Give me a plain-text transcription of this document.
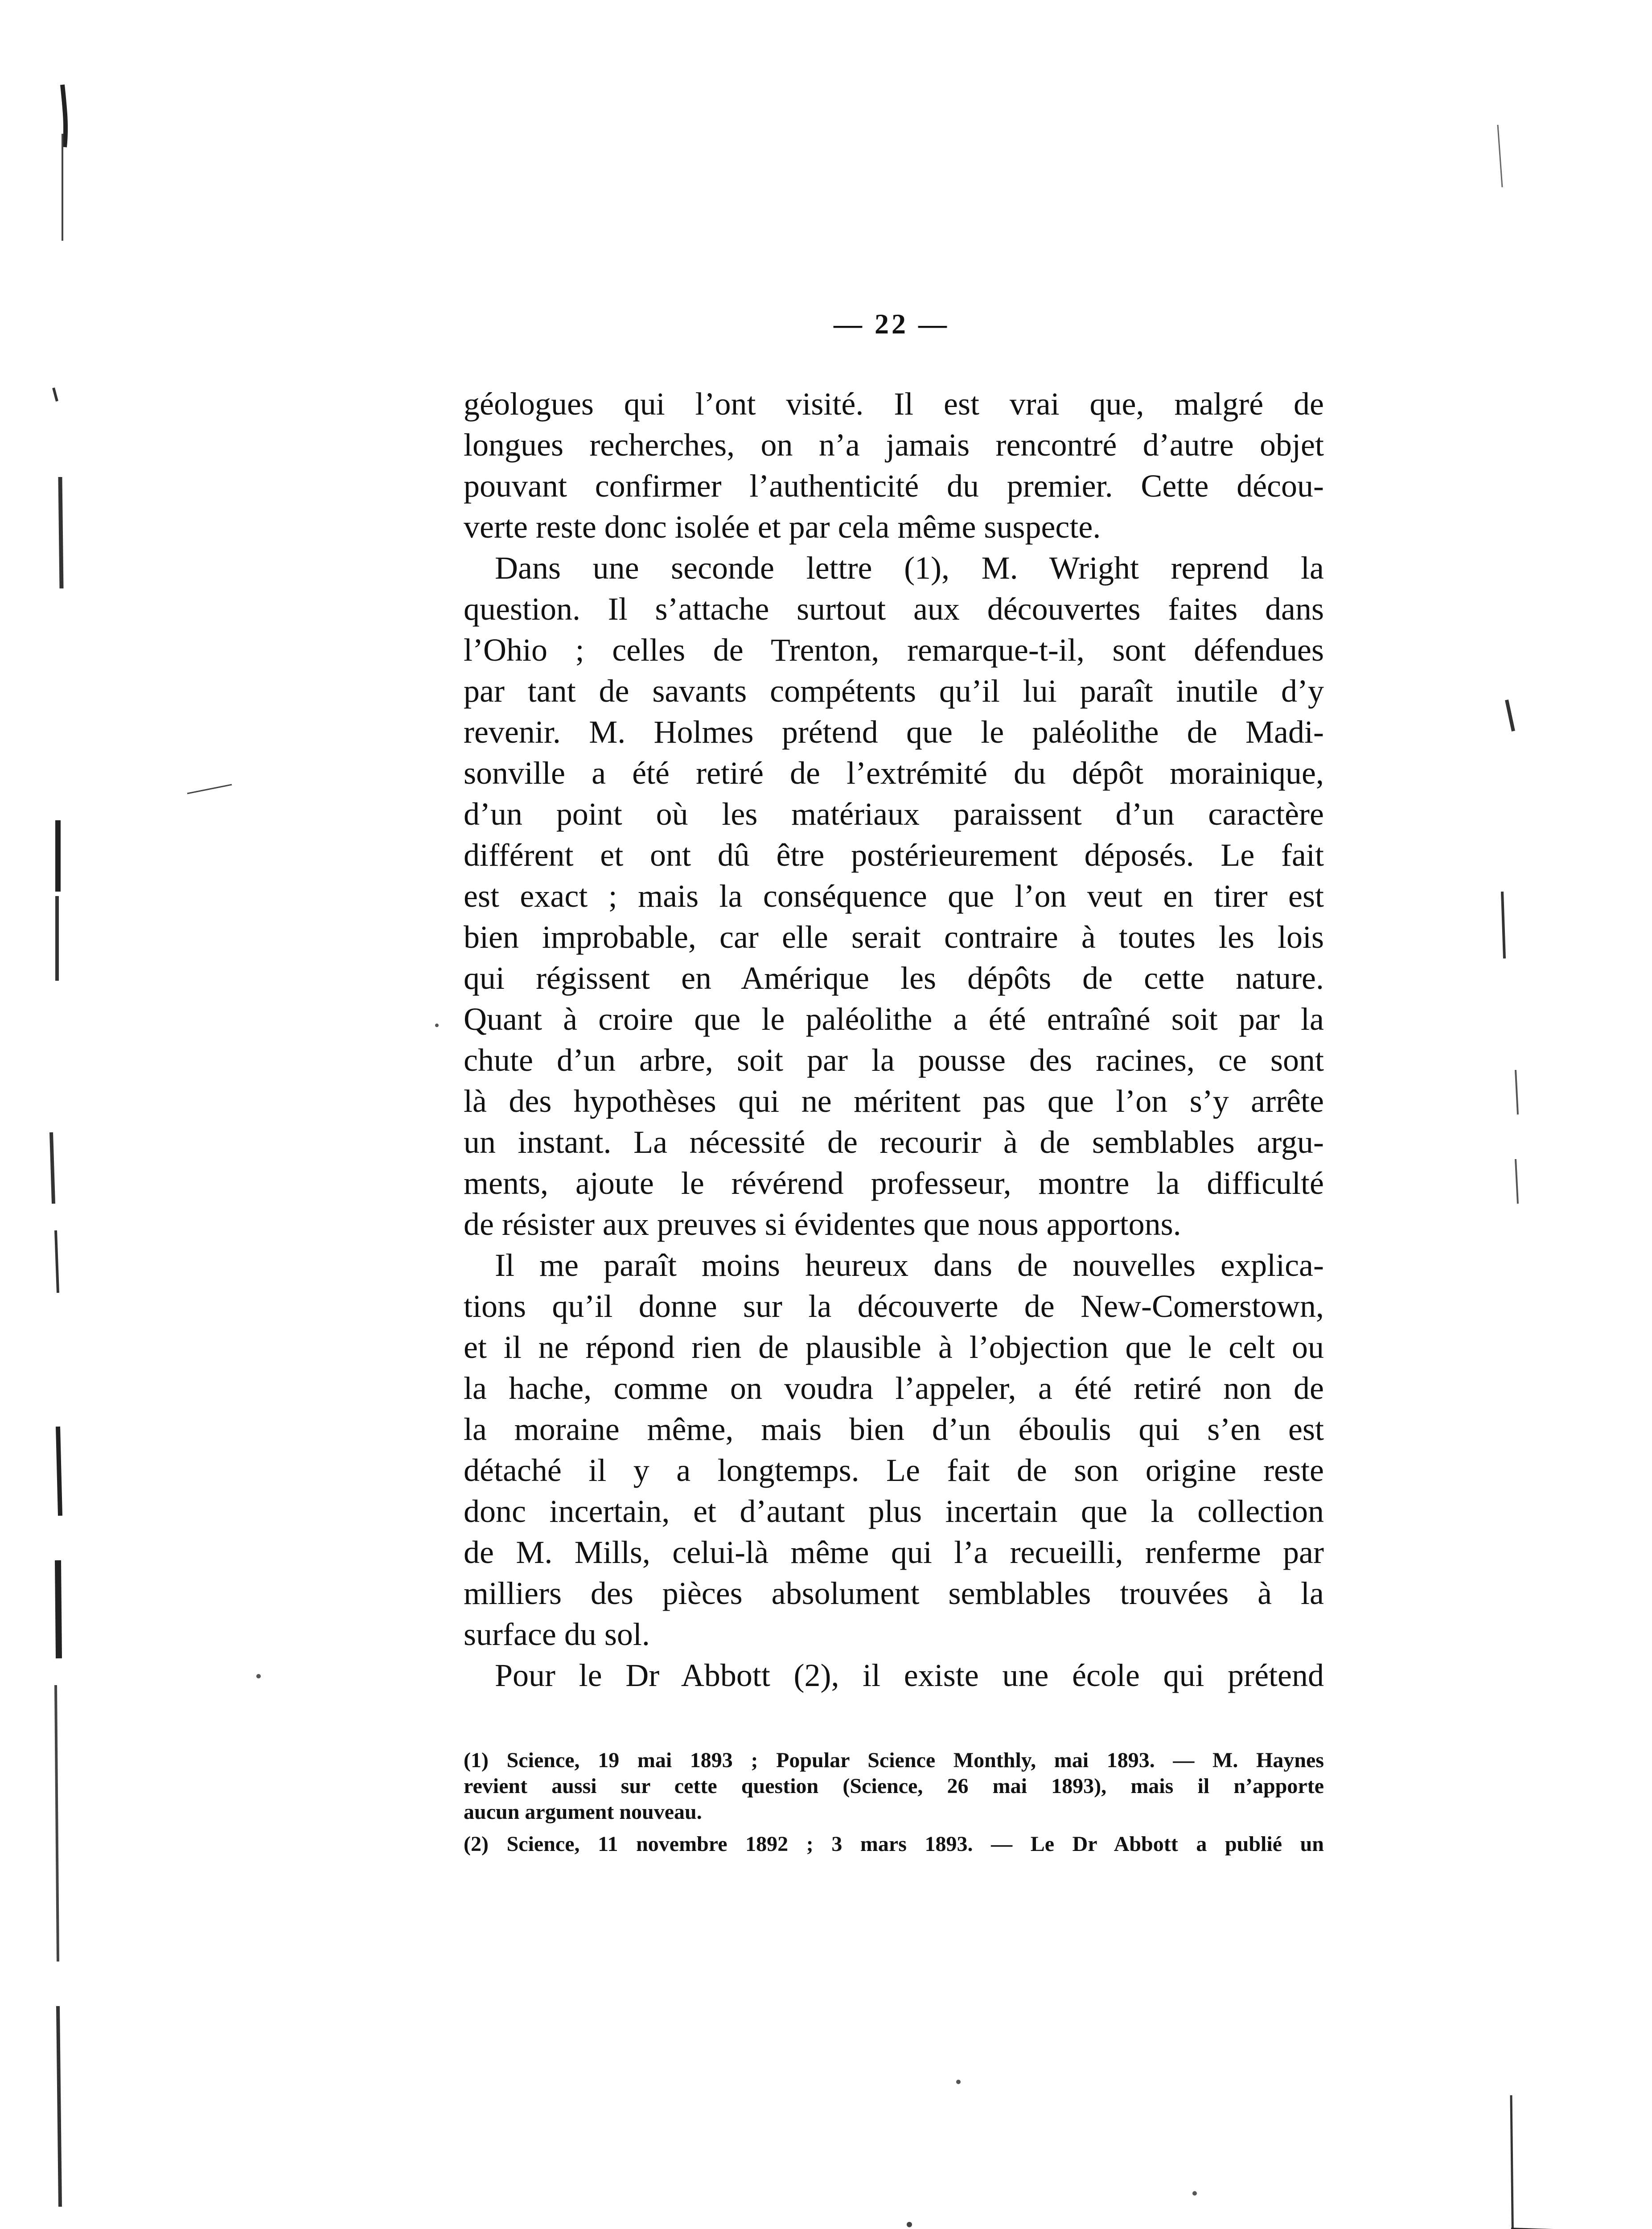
— 22 —
géologues qui l’ont visité. Il est vrai que, malgré de
longues recherches, on n’a jamais rencontré d’autre objet
pouvant confirmer l’authenticité du premier. Cette décou-
verte reste donc isolée et par cela même suspecte.
Dans une seconde lettre (1), M. Wright reprend la
question. Il s’attache surtout aux découvertes faites dans
l’Ohio ; celles de Trenton, remarque-t-il, sont défendues
par tant de savants compétents qu’il lui paraît inutile d’y
revenir. M. Holmes prétend que le paléolithe de Madi-
sonville a été retiré de l’extrémité du dépôt morainique,
d’un point où les matériaux paraissent d’un caractère
différent et ont dû être postérieurement déposés. Le fait
est exact ; mais la conséquence que l’on veut en tirer est
bien improbable, car elle serait contraire à toutes les lois
qui régissent en Amérique les dépôts de cette nature.
Quant à croire que le paléolithe a été entraîné soit par la
chute d’un arbre, soit par la pousse des racines, ce sont
là des hypothèses qui ne méritent pas que l’on s’y arrête
un instant. La nécessité de recourir à de semblables argu-
ments, ajoute le révérend professeur, montre la difficulté
de résister aux preuves si évidentes que nous apportons.
Il me paraît moins heureux dans de nouvelles explica-
tions qu’il donne sur la découverte de New-Comerstown,
et il ne répond rien de plausible à l’objection que le celt ou
la hache, comme on voudra l’appeler, a été retiré non de
la moraine même, mais bien d’un éboulis qui s’en est
détaché il y a longtemps. Le fait de son origine reste
donc incertain, et d’autant plus incertain que la collection
de M. Mills, celui-là même qui l’a recueilli, renferme par
milliers des pièces absolument semblables trouvées à la
surface du sol.
Pour le Dr Abbott (2), il existe une école qui prétend
(1) Science, 19 mai 1893 ; Popular Science Monthly, mai 1893. — M. Haynes
revient aussi sur cette question (Science, 26 mai 1893), mais il n’apporte
aucun argument nouveau.
(2) Science, 11 novembre 1892 ; 3 mars 1893. — Le Dr Abbott a publié un
